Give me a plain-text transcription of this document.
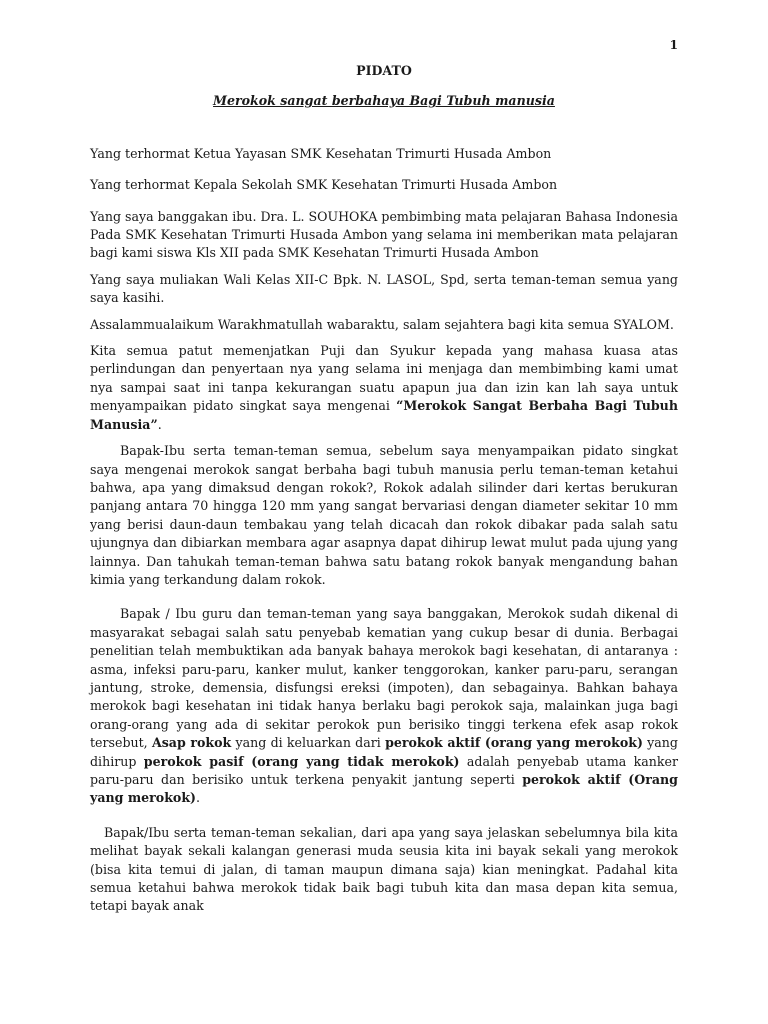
1

PIDATO

Merokok sangat berbahaya Bagi Tubuh manusia

Yang terhormat Ketua Yayasan SMK Kesehatan Trimurti Husada Ambon

Yang terhormat Kepala Sekolah SMK Kesehatan Trimurti Husada Ambon

Yang saya banggakan ibu. Dra. L. SOUHOKA pembimbing mata pelajaran Bahasa Indonesia Pada SMK Kesehatan Trimurti Husada Ambon yang selama ini memberikan mata pelajaran bagi kami siswa Kls XII pada SMK Kesehatan Trimurti Husada Ambon

Yang saya muliakan Wali Kelas XII-C Bpk. N. LASOL, Spd, serta teman-teman semua yang saya kasihi.

Assalammualaikum Warakhmatullah wabaraktu, salam sejahtera bagi kita semua SYALOM.

Kita semua patut memenjatkan Puji dan Syukur kepada yang mahasa kuasa atas perlindungan dan penyertaan nya yang selama ini menjaga dan membimbing kami umat nya sampai saat ini tanpa kekurangan suatu apapun jua dan izin kan lah saya untuk menyampaikan pidato singkat saya mengenai “Merokok Sangat Berbaha Bagi Tubuh Manusia”.

Bapak-Ibu serta teman-teman semua, sebelum saya menyampaikan pidato singkat saya mengenai merokok sangat berbaha bagi tubuh manusia perlu teman-teman ketahui bahwa, apa yang dimaksud dengan rokok?, Rokok adalah silinder dari kertas berukuran panjang antara 70 hingga 120 mm yang sangat bervariasi dengan diameter sekitar 10 mm yang berisi daun-daun tembakau yang telah dicacah dan rokok dibakar pada salah satu ujungnya dan dibiarkan membara agar asapnya dapat dihirup lewat mulut pada ujung yang lainnya. Dan tahukah teman-teman bahwa satu batang rokok banyak mengandung bahan kimia yang terkandung dalam rokok.

Bapak / Ibu guru dan teman-teman yang saya banggakan, Merokok sudah dikenal di masyarakat sebagai salah satu penyebab kematian yang cukup besar di dunia. Berbagai penelitian telah membuktikan ada banyak bahaya merokok bagi kesehatan, di antaranya : asma, infeksi paru-paru, kanker mulut, kanker tenggorokan, kanker paru-paru, serangan jantung, stroke, demensia, disfungsi ereksi (impoten), dan sebagainya. Bahkan bahaya merokok bagi kesehatan ini tidak hanya berlaku bagi perokok saja, malainkan juga bagi orang-orang yang ada di sekitar perokok pun berisiko tinggi terkena efek asap rokok tersebut, Asap rokok yang di keluarkan dari perokok aktif (orang yang merokok) yang dihirup perokok pasif (orang yang tidak merokok) adalah penyebab utama kanker paru-paru dan berisiko untuk terkena penyakit jantung seperti perokok aktif (Orang yang merokok).

Bapak/Ibu serta teman-teman sekalian, dari apa yang saya jelaskan sebelumnya bila kita melihat bayak sekali kalangan generasi muda seusia kita ini bayak sekali yang merokok (bisa kita temui di jalan, di taman maupun dimana saja) kian meningkat. Padahal kita semua ketahui bahwa merokok tidak baik bagi tubuh kita dan masa depan kita semua, tetapi bayak anak
